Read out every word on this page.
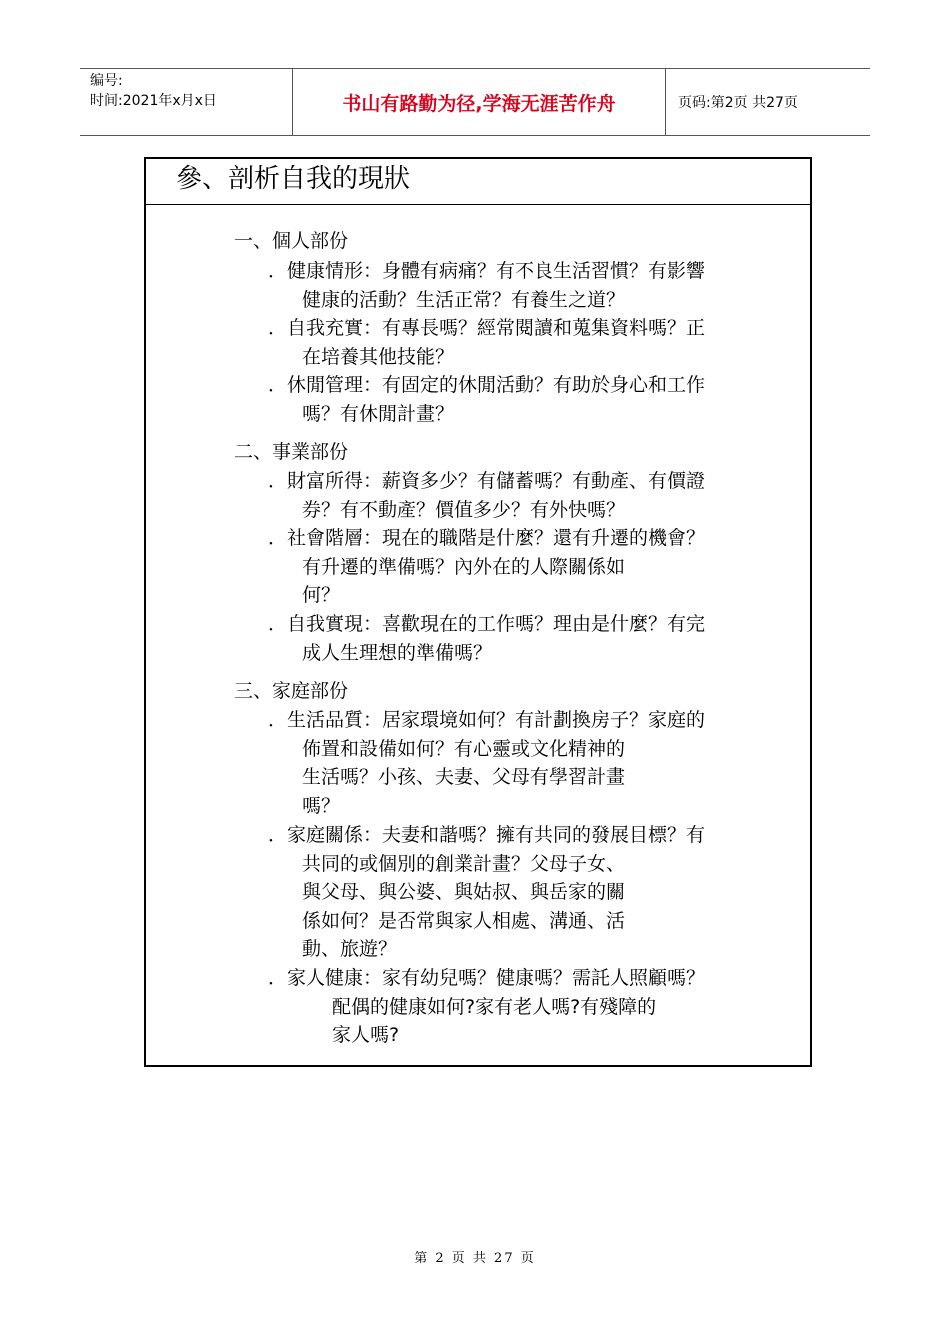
编号:
时间:2021年x月x日	书山有路勤为径,学海无涯苦作舟	页码:第2页 共27页
參、剖析自我的現狀
一、個人部份
．健康情形：身體有病痛？有不良生活習慣？有影響
健康的活動？生活正常？有養生之道？
．自我充實：有專長嗎？經常閱讀和蒐集資料嗎？正
在培養其他技能？
．休閒管理：有固定的休閒活動？有助於身心和工作
嗎？有休閒計畫？
二、事業部份
．財富所得：薪資多少？有儲蓄嗎？有動產、有價證
券？有不動產？價值多少？有外快嗎？
．社會階層：現在的職階是什麼？還有升遷的機會？
有升遷的準備嗎？內外在的人際關係如
何？
．自我實現：喜歡現在的工作嗎？理由是什麼？有完
成人生理想的準備嗎？
三、家庭部份
．生活品質：居家環境如何？有計劃換房子？家庭的
佈置和設備如何？有心靈或文化精神的
生活嗎？小孩、夫妻、父母有學習計畫
嗎？
．家庭關係：夫妻和諧嗎？擁有共同的發展目標？有
共同的或個別的創業計畫？父母子女、
與父母、與公婆、與姑叔、與岳家的關
係如何？是否常與家人相處、溝通、活
動、旅遊？
．家人健康：家有幼兒嗎？健康嗎？需託人照顧嗎？
配偶的健康如何?家有老人嗎?有殘障的
家人嗎?
第 2 页 共 27 页
